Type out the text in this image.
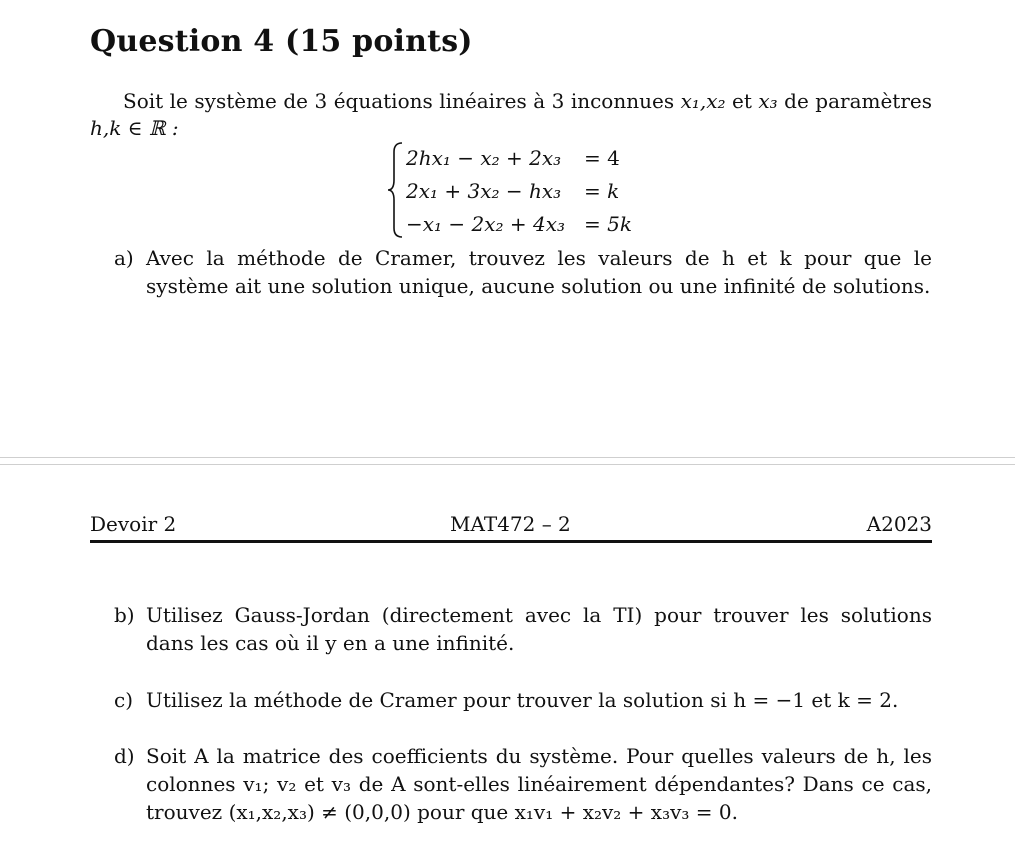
Question 4 (15 points)
Soit le système de 3 équations linéaires à 3 inconnues x₁,x₂ et x₃ de paramètres h,k ∈ ℝ :
2hx₁ − x₂ + 2x₃ = 4
2x₁ + 3x₂ − hx₃ = k
−x₁ − 2x₂ + 4x₃ = 5k
a) Avec la méthode de Cramer, trouvez les valeurs de h et k pour que le système ait une solution unique, aucune solution ou une infinité de solutions.
Devoir 2	MAT472 – 2	A2023
b) Utilisez Gauss-Jordan (directement avec la TI) pour trouver les solutions dans les cas où il y en a une infinité.
c) Utilisez la méthode de Cramer pour trouver la solution si h = −1 et k = 2.
d) Soit A la matrice des coefficients du système. Pour quelles valeurs de h, les colonnes v₁; v₂ et v₃ de A sont-elles linéairement dépendantes? Dans ce cas, trouvez (x₁,x₂,x₃) ≠ (0,0,0) pour que x₁v₁ + x₂v₂ + x₃v₃ = 0.
